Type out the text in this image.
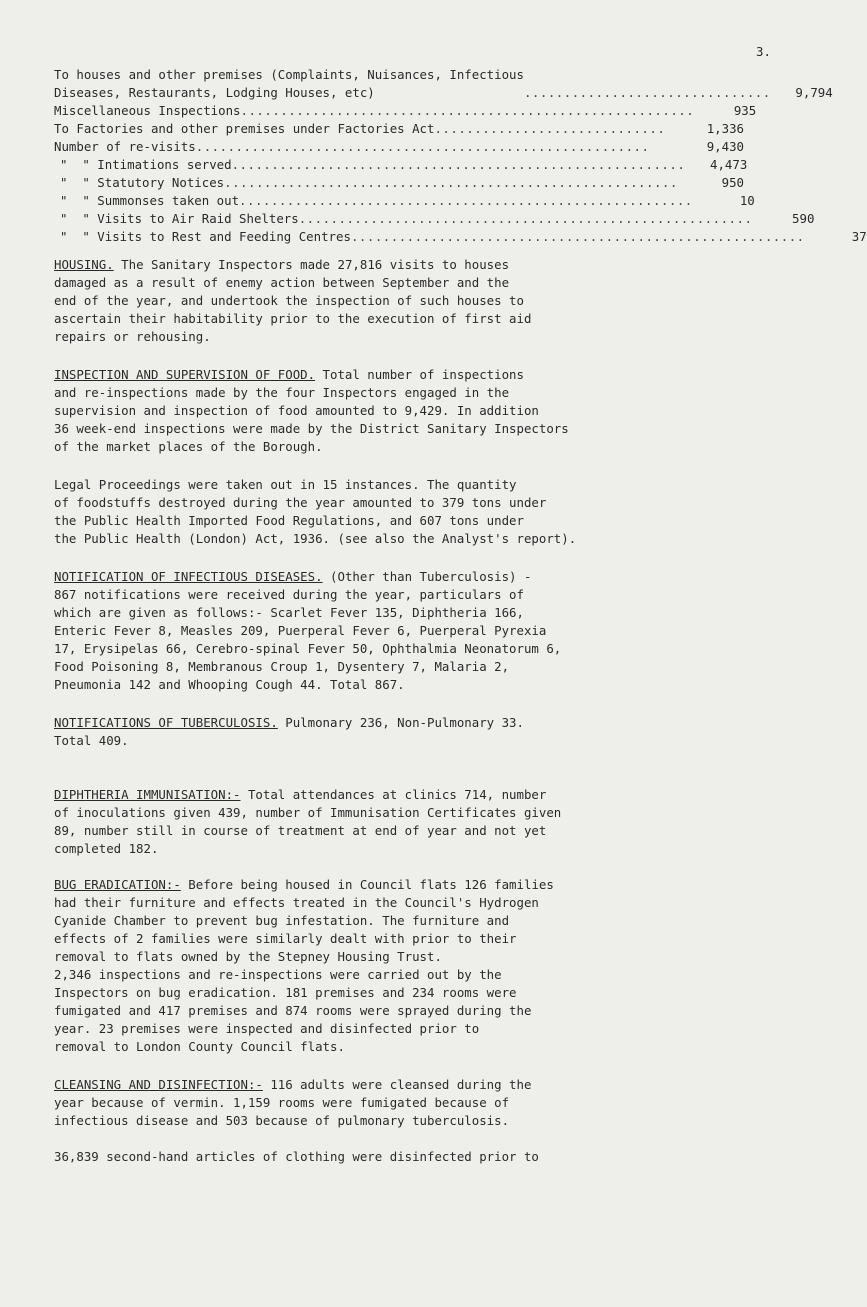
3.
To houses and other premises (Complaints, Nuisances, Infectious
Diseases, Restaurants, Lodging Houses, etc)	...............................	9,794
Miscellaneous Inspections .........................................................	935
To Factories and other premises under Factories Act .............................	1,336
Number of re-visits .........................................................	9,430
"  " Intimations served .........................................................	4,473
"  " Statutory Notices .........................................................	950
"  " Summonses taken out .........................................................	10
"  " Visits to Air Raid Shelters .........................................................	590
"  " Visits to Rest and Feeding Centres .........................................................	37
HOUSING. The Sanitary Inspectors made 27,816 visits to houses
damaged as a result of enemy action between September and the
end of the year, and undertook the inspection of such houses to
ascertain their habitability prior to the execution of first aid
repairs or rehousing.
INSPECTION AND SUPERVISION OF FOOD. Total number of inspections
and re-inspections made by the four Inspectors engaged in the
supervision and inspection of food amounted to 9,429. In addition
36 week-end inspections were made by the District Sanitary Inspectors
of the market places of the Borough.
Legal Proceedings were taken out in 15 instances. The quantity
of foodstuffs destroyed during the year amounted to 379 tons under
the Public Health Imported Food Regulations, and 607 tons under
the Public Health (London) Act, 1936. (see also the Analyst's report).
NOTIFICATION OF INFECTIOUS DISEASES. (Other than Tuberculosis) -
867 notifications were received during the year, particulars of
which are given as follows:- Scarlet Fever 135, Diphtheria 166,
Enteric Fever 8, Measles 209, Puerperal Fever 6, Puerperal Pyrexia
17, Erysipelas 66, Cerebro-spinal Fever 50, Ophthalmia Neonatorum 6,
Food Poisoning 8, Membranous Croup 1, Dysentery 7, Malaria 2,
Pneumonia 142 and Whooping Cough 44. Total 867.
NOTIFICATIONS OF TUBERCULOSIS. Pulmonary 236, Non-Pulmonary 33.
Total 409.
DIPHTHERIA IMMUNISATION:- Total attendances at clinics 714, number
of inoculations given 439, number of Immunisation Certificates given
89, number still in course of treatment at end of year and not yet
completed 182.
BUG ERADICATION:- Before being housed in Council flats 126 families
had their furniture and effects treated in the Council's Hydrogen
Cyanide Chamber to prevent bug infestation. The furniture and
effects of 2 families were similarly dealt with prior to their
removal to flats owned by the Stepney Housing Trust.
2,346 inspections and re-inspections were carried out by the
Inspectors on bug eradication. 181 premises and 234 rooms were
fumigated and 417 premises and 874 rooms were sprayed during the
year. 23 premises were inspected and disinfected prior to
removal to London County Council flats.
CLEANSING AND DISINFECTION:- 116 adults were cleansed during the
year because of vermin. 1,159 rooms were fumigated because of
infectious disease and 503 because of pulmonary tuberculosis.
36,839 second-hand articles of clothing were disinfected prior to
